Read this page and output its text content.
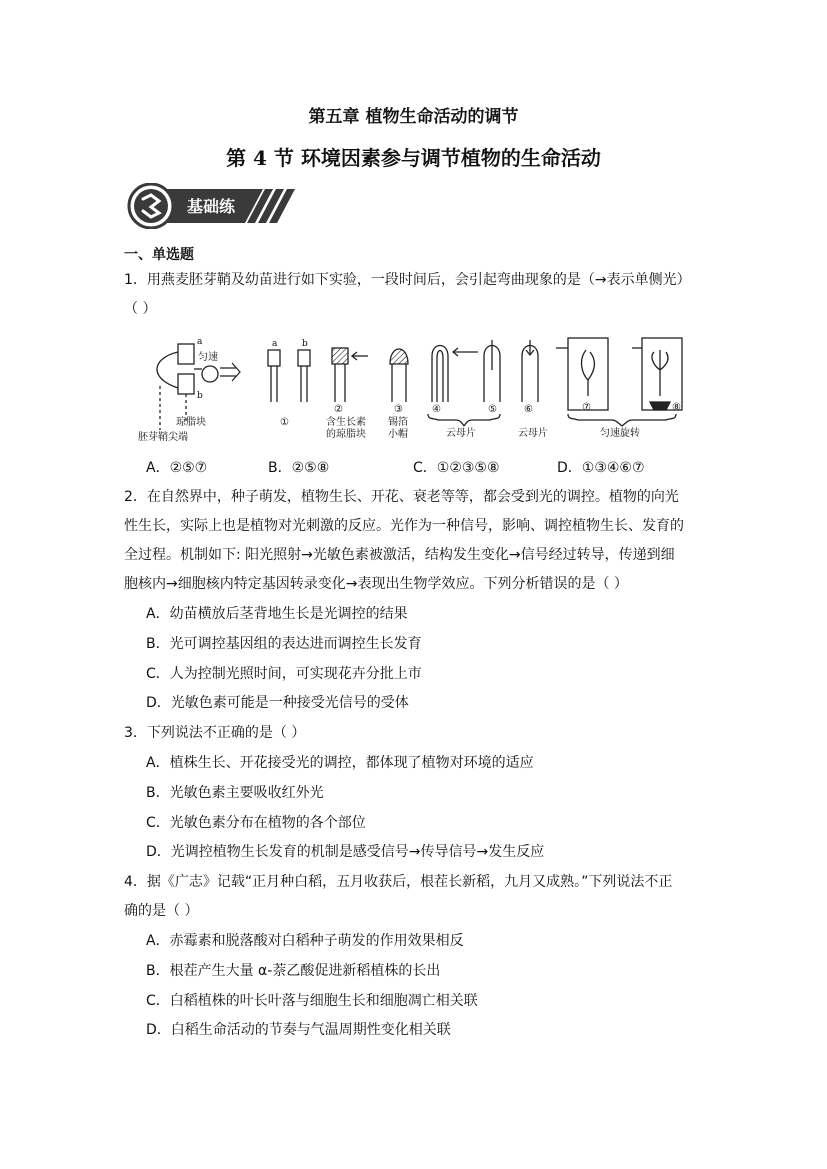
第五章 植物生命活动的调节
第 4 节 环境因素参与调节植物的生命活动
基础练
一、单选题
1．用燕麦胚芽鞘及幼苗进行如下实验，一段时间后，会引起弯曲现象的是（→表示单侧光）
（ ）
a
b
a	b
匀速
琼脂块
胚芽鞘尖端
①
②
含生长素
的琼脂块
③
锡箔
小帽
④	⑤	⑥
云母片	云母片
⑦	⑧
匀速旋转
A．②⑤⑦	B．②⑤⑧	C．①②③⑤⑧	D．①③④⑥⑦
2．在自然界中，种子萌发，植物生长、开花、衰老等等，都会受到光的调控。植物的向光
性生长，实际上也是植物对光刺激的反应。光作为一种信号，影响、调控植物生长、发育的
全过程。机制如下: 阳光照射→光敏色素被激活，结构发生变化→信号经过转导，传递到细
胞核内→细胞核内特定基因转录变化→表现出生物学效应。下列分析错误的是（ ）
A．幼苗横放后茎背地生长是光调控的结果
B．光可调控基因组的表达进而调控生长发育
C．人为控制光照时间，可实现花卉分批上市
D．光敏色素可能是一种接受光信号的受体
3．下列说法不正确的是（ ）
A．植株生长、开花接受光的调控，都体现了植物对环境的适应
B．光敏色素主要吸收红外光
C．光敏色素分布在植物的各个部位
D．光调控植物生长发育的机制是感受信号→传导信号→发生反应
4．据《广志》记载“正月种白稻，五月收获后，根茬长新稻，九月又成熟。”下列说法不正
确的是（ ）
A．赤霉素和脱落酸对白稻种子萌发的作用效果相反
B．根茬产生大量 α-萘乙酸促进新稻植株的长出
C．白稻植株的叶长叶落与细胞生长和细胞凋亡相关联
D．白稻生命活动的节奏与气温周期性变化相关联
